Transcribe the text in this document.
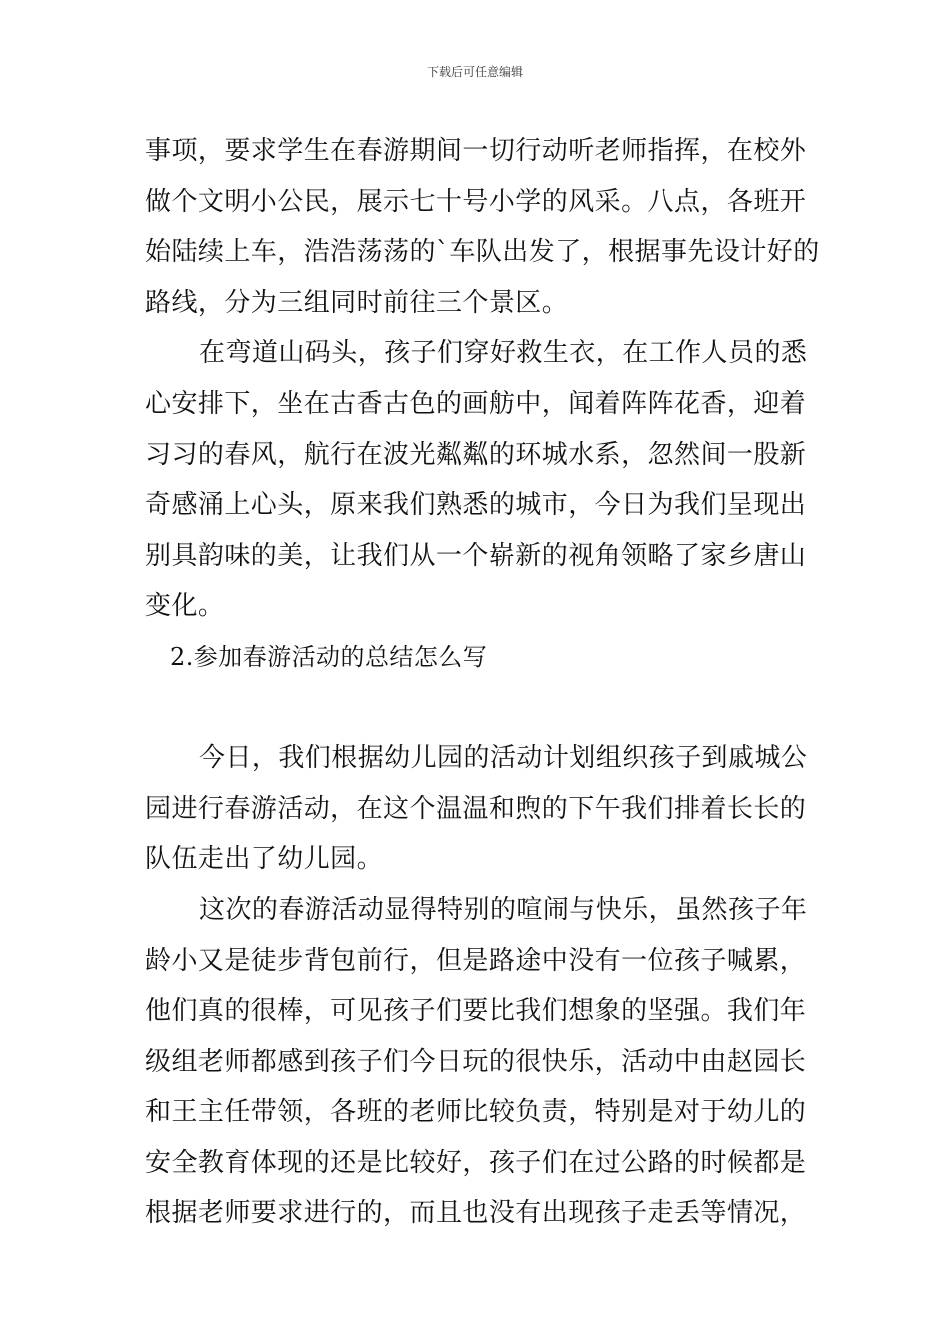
下载后可任意编辑
事项，要求学生在春游期间一切行动听老师指挥，在校外
做个文明小公民，展示七十号小学的风采。八点，各班开
始陆续上车，浩浩荡荡的`车队出发了，根据事先设计好的
路线，分为三组同时前往三个景区。
在弯道山码头，孩子们穿好救生衣，在工作人员的悉
心安排下，坐在古香古色的画舫中，闻着阵阵花香，迎着
习习的春风，航行在波光粼粼的环城水系，忽然间一股新
奇感涌上心头，原来我们熟悉的城市，今日为我们呈现出
别具韵味的美，让我们从一个崭新的视角领略了家乡唐山
变化。
2.参加春游活动的总结怎么写
今日，我们根据幼儿园的活动计划组织孩子到戚城公
园进行春游活动，在这个温温和煦的下午我们排着长长的
队伍走出了幼儿园。
这次的春游活动显得特别的喧闹与快乐，虽然孩子年
龄小又是徒步背包前行，但是路途中没有一位孩子喊累，
他们真的很棒，可见孩子们要比我们想象的坚强。我们年
级组老师都感到孩子们今日玩的很快乐，活动中由赵园长
和王主任带领，各班的老师比较负责，特别是对于幼儿的
安全教育体现的还是比较好，孩子们在过公路的时候都是
根据老师要求进行的，而且也没有出现孩子走丢等情况，
